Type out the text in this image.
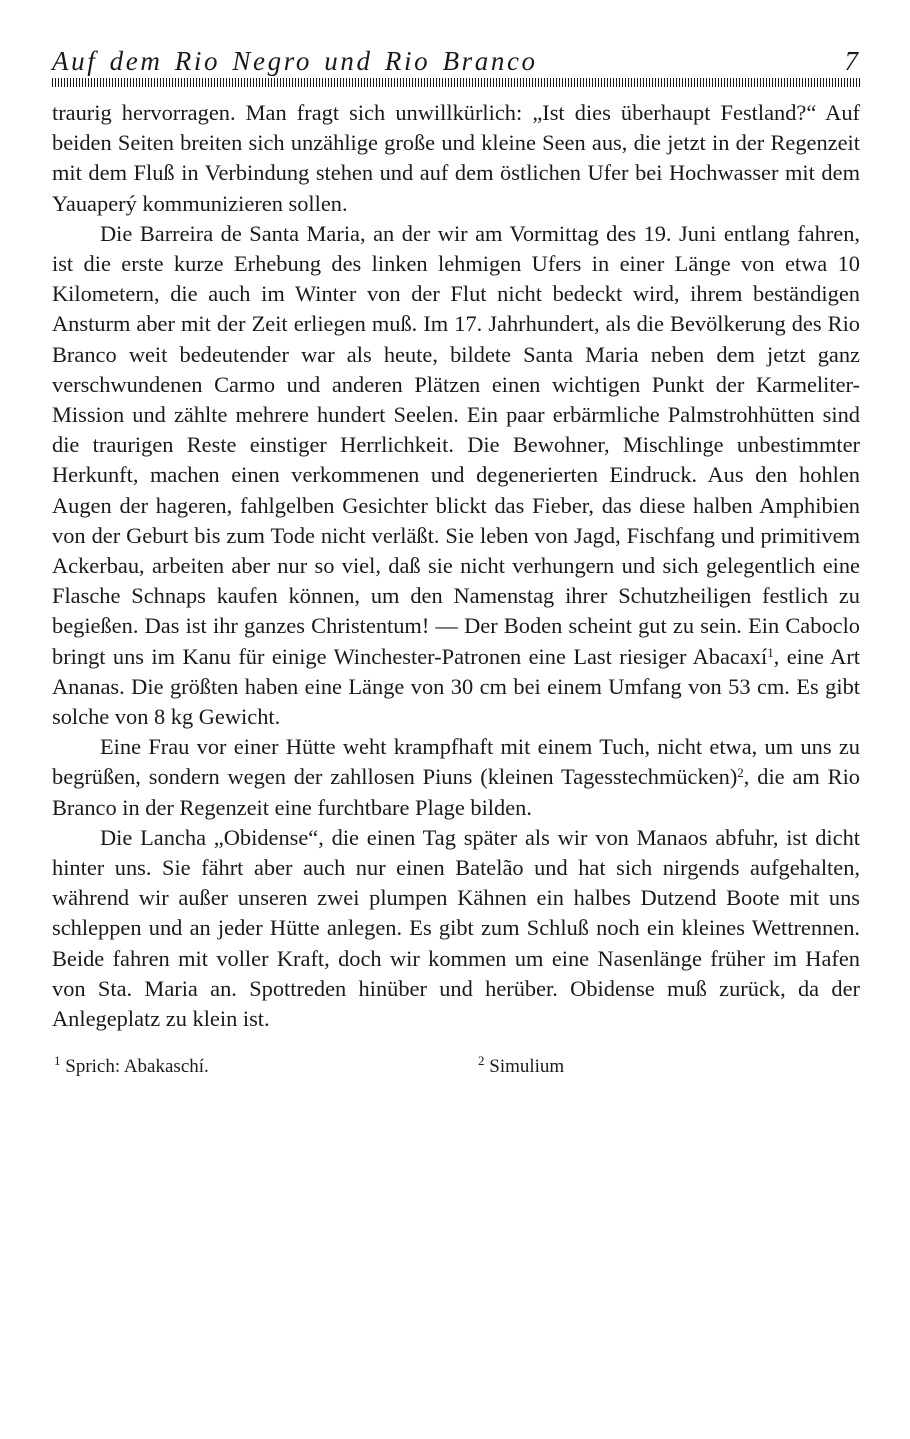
Auf dem Rio Negro und Rio Branco	7

traurig hervorragen. Man fragt sich unwillkürlich: „Ist dies überhaupt Festland?“ Auf beiden Seiten breiten sich unzählige große und kleine Seen aus, die jetzt in der Regenzeit mit dem Fluß in Verbindung stehen und auf dem östlichen Ufer bei Hochwasser mit dem Yauaperý kommunizieren sollen.

Die Barreira de Santa Maria, an der wir am Vormittag des 19. Juni entlang fahren, ist die erste kurze Erhebung des linken lehmigen Ufers in einer Länge von etwa 10 Kilometern, die auch im Winter von der Flut nicht bedeckt wird, ihrem beständigen Ansturm aber mit der Zeit erliegen muß. Im 17. Jahrhundert, als die Bevölkerung des Rio Branco weit bedeutender war als heute, bildete Santa Maria neben dem jetzt ganz verschwundenen Carmo und anderen Plätzen einen wichtigen Punkt der Karmeliter-Mission und zählte mehrere hundert Seelen. Ein paar erbärmliche Palmstrohhütten sind die traurigen Reste einstiger Herrlichkeit. Die Bewohner, Mischlinge unbestimmter Herkunft, machen einen verkommenen und degenerierten Eindruck. Aus den hohlen Augen der hageren, fahlgelben Gesichter blickt das Fieber, das diese halben Amphibien von der Geburt bis zum Tode nicht verläßt. Sie leben von Jagd, Fischfang und primitivem Ackerbau, arbeiten aber nur so viel, daß sie nicht verhungern und sich gelegentlich eine Flasche Schnaps kaufen können, um den Namenstag ihrer Schutzheiligen festlich zu begießen. Das ist ihr ganzes Christentum! — Der Boden scheint gut zu sein. Ein Caboclo bringt uns im Kanu für einige Winchester-Patronen eine Last riesiger Abacaxí$^1$, eine Art Ananas. Die größten haben eine Länge von 30 cm bei einem Umfang von 53 cm. Es gibt solche von 8 kg Gewicht.

Eine Frau vor einer Hütte weht krampfhaft mit einem Tuch, nicht etwa, um uns zu begrüßen, sondern wegen der zahllosen Piuns (kleinen Tagesstechmücken)$^2$, die am Rio Branco in der Regenzeit eine furchtbare Plage bilden.

Die Lancha „Obidense“, die einen Tag später als wir von Manaos abfuhr, ist dicht hinter uns. Sie fährt aber auch nur einen Batelão und hat sich nirgends aufgehalten, während wir außer unseren zwei plumpen Kähnen ein halbes Dutzend Boote mit uns schleppen und an jeder Hütte anlegen. Es gibt zum Schluß noch ein kleines Wettrennen. Beide fahren mit voller Kraft, doch wir kommen um eine Nasenlänge früher im Hafen von Sta. Maria an. Spottreden hinüber und herüber. Obidense muß zurück, da der Anlegeplatz zu klein ist.

$^1$ Sprich: Abakaschí.	$^2$ Simulium
